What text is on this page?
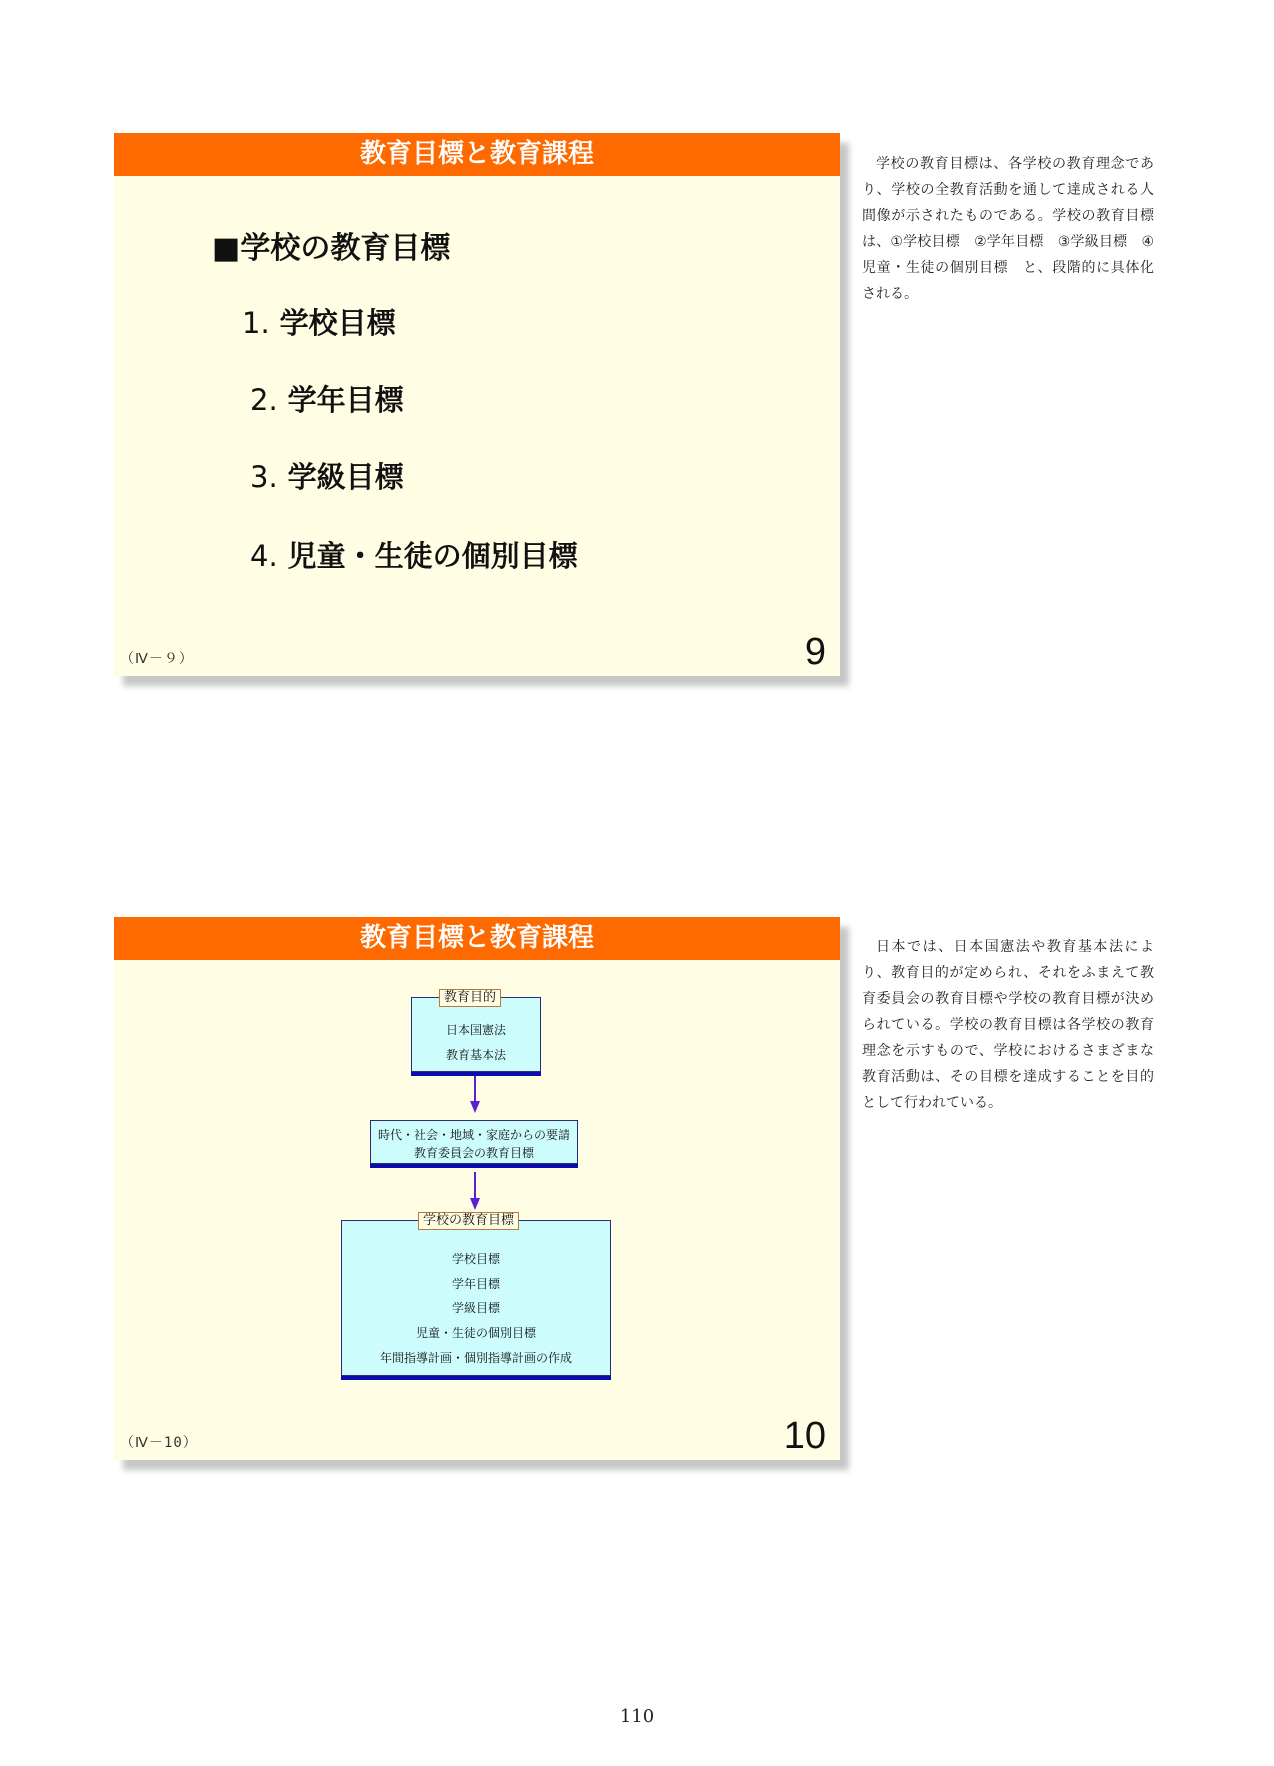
教育目標と教育課程
■学校の教育目標
1. 学校目標
2. 学年目標
3. 学級目標
4. 児童・生徒の個別目標
（Ⅳ－９）	9
教育目標と教育課程
日本国憲法
教育基本法
教育目的
時代・社会・地域・家庭からの要請
教育委員会の教育目標
学校目標
学年目標
学級目標
児童・生徒の個別目標
年間指導計画・個別指導計画の作成
学校の教育目標
（Ⅳ－10）	10
学校の教育目標は、各学校の教育理念であり、学校の全教育活動を通して達成される人間像が示されたものである。学校の教育目標は、①学校目標　②学年目標　③学級目標　④児童・生徒の個別目標　と、段階的に具体化される。
日本では、日本国憲法や教育基本法により、教育目的が定められ、それをふまえて教育委員会の教育目標や学校の教育目標が決められている。学校の教育目標は各学校の教育理念を示すもので、学校におけるさまざまな教育活動は、その目標を達成することを目的として行われている。
110
